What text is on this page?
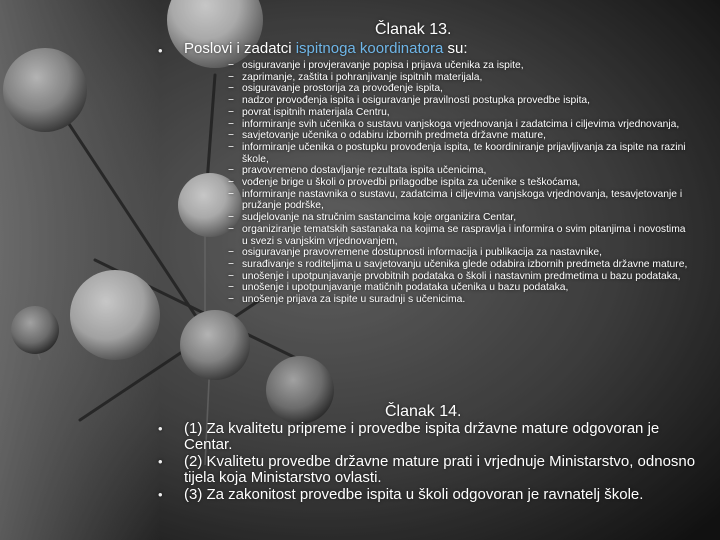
Članak 13.
• Poslovi i zadatci ispitnoga koordinatora su:
− osiguravanje i provjeravanje popisa i prijava učenika za ispite,
− zaprimanje, zaštita i pohranjivanje ispitnih materijala,
− osiguravanje prostorija za provođenje ispita,
− nadzor provođenja ispita i osiguravanje pravilnosti postupka provedbe ispita,
− povrat ispitnih materijala Centru,
− informiranje svih učenika o sustavu vanjskoga vrjednovanja i zadatcima i ciljevima vrjednovanja,
− savjetovanje učenika o odabiru izbornih predmeta državne mature,
− informiranje učenika o postupku provođenja ispita, te koordiniranje prijavljivanja za ispite na razini škole,
− pravovremeno dostavljanje rezultata ispita učenicima,
− vođenje brige u školi o provedbi prilagodbe ispita za učenike s teškoćama,
− informiranje nastavnika o sustavu, zadatcima i ciljevima vanjskoga vrjednovanja, tesavjetovanje i pružanje podrške,
− sudjelovanje na stručnim sastancima koje organizira Centar,
− organiziranje tematskih sastanaka na kojima se raspravlja i informira o svim pitanjima i novostima u svezi s vanjskim vrjednovanjem,
− osiguravanje pravovremene dostupnosti informacija i publikacija za nastavnike,
− surađivanje s roditeljima u savjetovanju učenika glede odabira izbornih predmeta državne mature,
− unošenje i upotpunjavanje prvobitnih podataka o školi i nastavnim predmetima u bazu podataka,
− unošenje i upotpunjavanje matičnih podataka učenika u bazu podataka,
− unošenje prijava za ispite u suradnji s učenicima.
Članak 14.
• (1) Za kvalitetu pripreme i provedbe ispita državne mature odgovoran je Centar.
• (2) Kvalitetu provedbe državne mature prati i vrjednuje Ministarstvo, odnosno tijela koja Ministarstvo ovlasti.
• (3) Za zakonitost provedbe ispita u školi odgovoran je ravnatelj škole.
